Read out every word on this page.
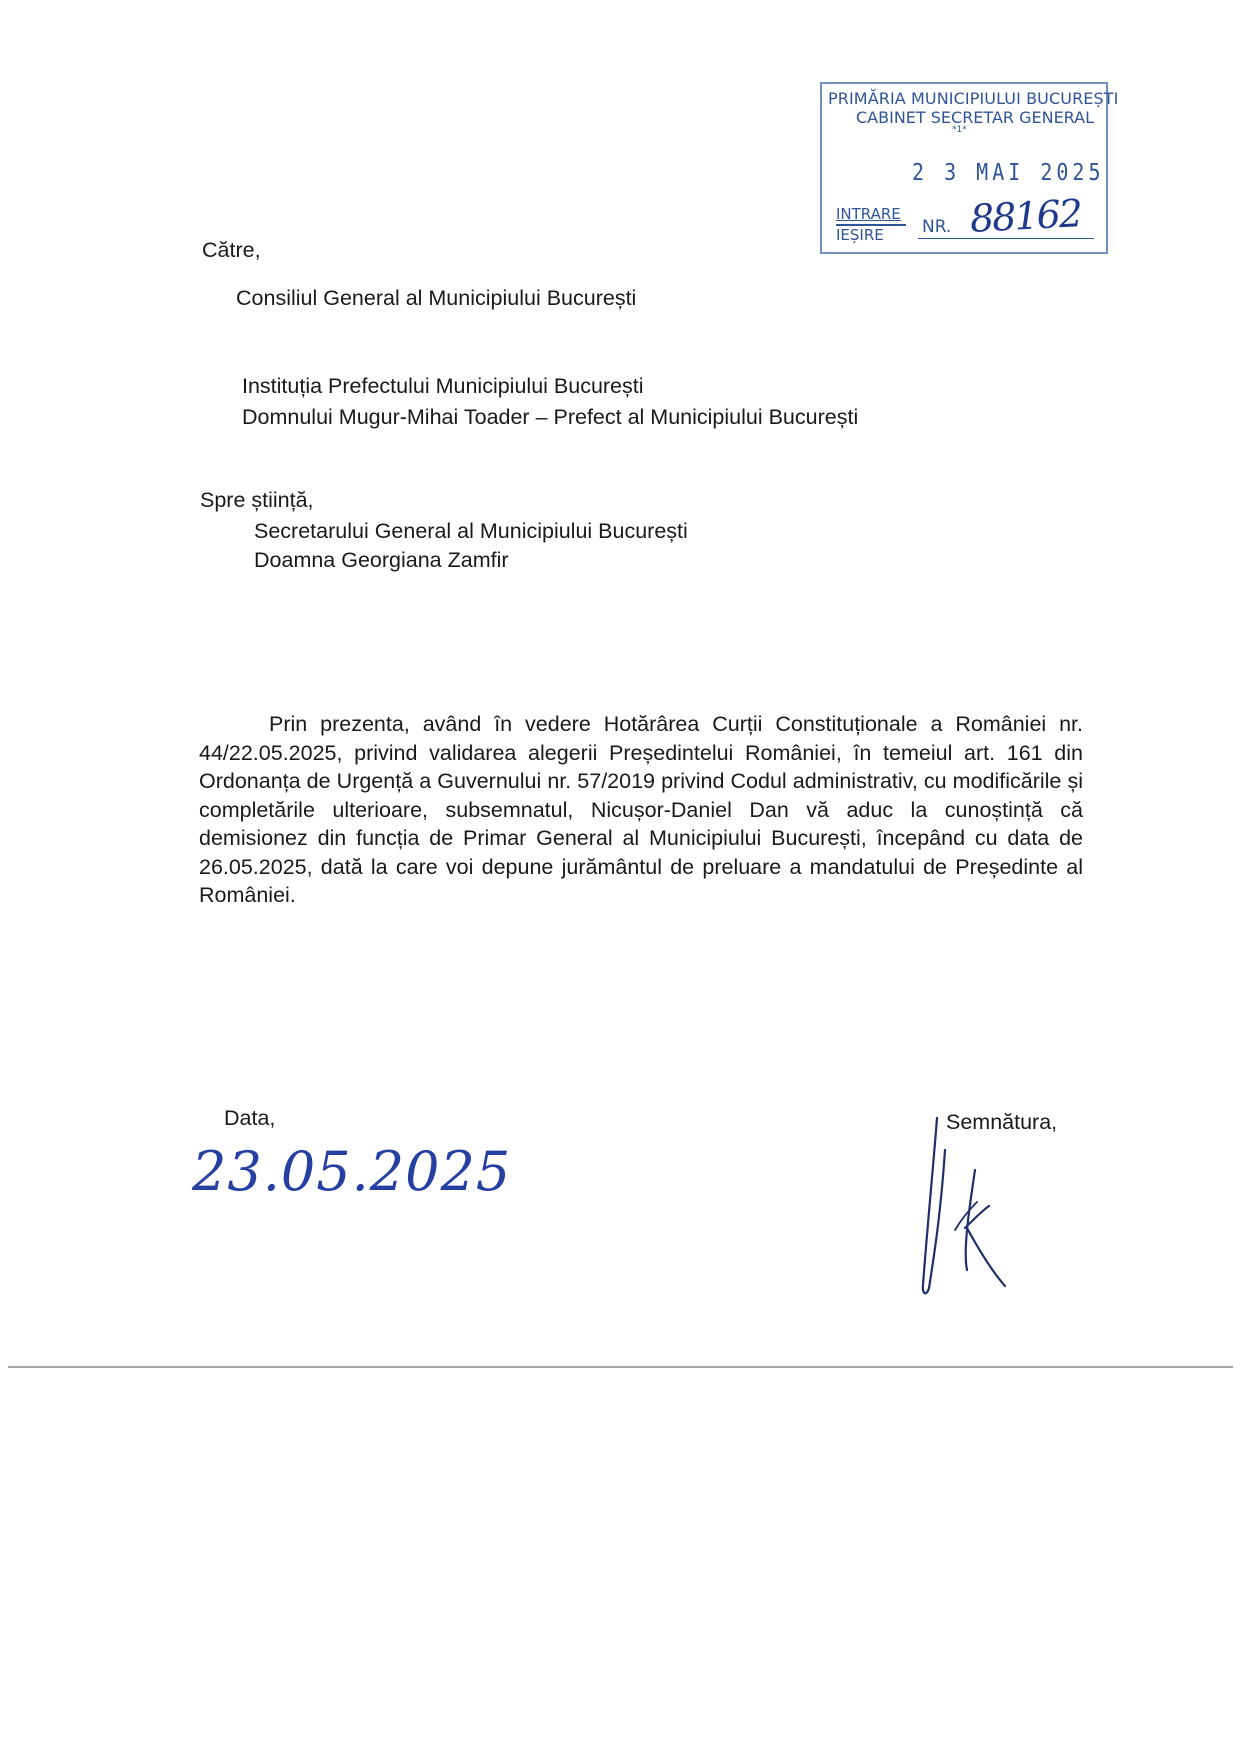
PRIMĂRIA MUNICIPIULUI BUCUREȘTI
CABINET SECRETAR GENERAL
*1*
2 3 MAI 2025
INTRARE
IEȘIRE	NR. 88162
Către,
Consiliul General al Municipiului București
Instituția Prefectului Municipiului București
Domnului Mugur-Mihai Toader – Prefect al Municipiului București
Spre știință,
Secretarului General al Municipiului București
Doamna Georgiana Zamfir
Prin prezenta, având în vedere Hotărârea Curții Constituționale a României nr. 44/22.05.2025, privind validarea alegerii Președintelui României, în temeiul art. 161 din Ordonanța de Urgență a Guvernului nr. 57/2019 privind Codul administrativ, cu modificările și completările ulterioare, subsemnatul, Nicușor-Daniel Dan vă aduc la cunoștință că demisionez din funcția de Primar General al Municipiului București, începând cu data de 26.05.2025, dată la care voi depune jurământul de preluare a mandatului de Președinte al României.
Data,
23.05.2025
Semnătura,
